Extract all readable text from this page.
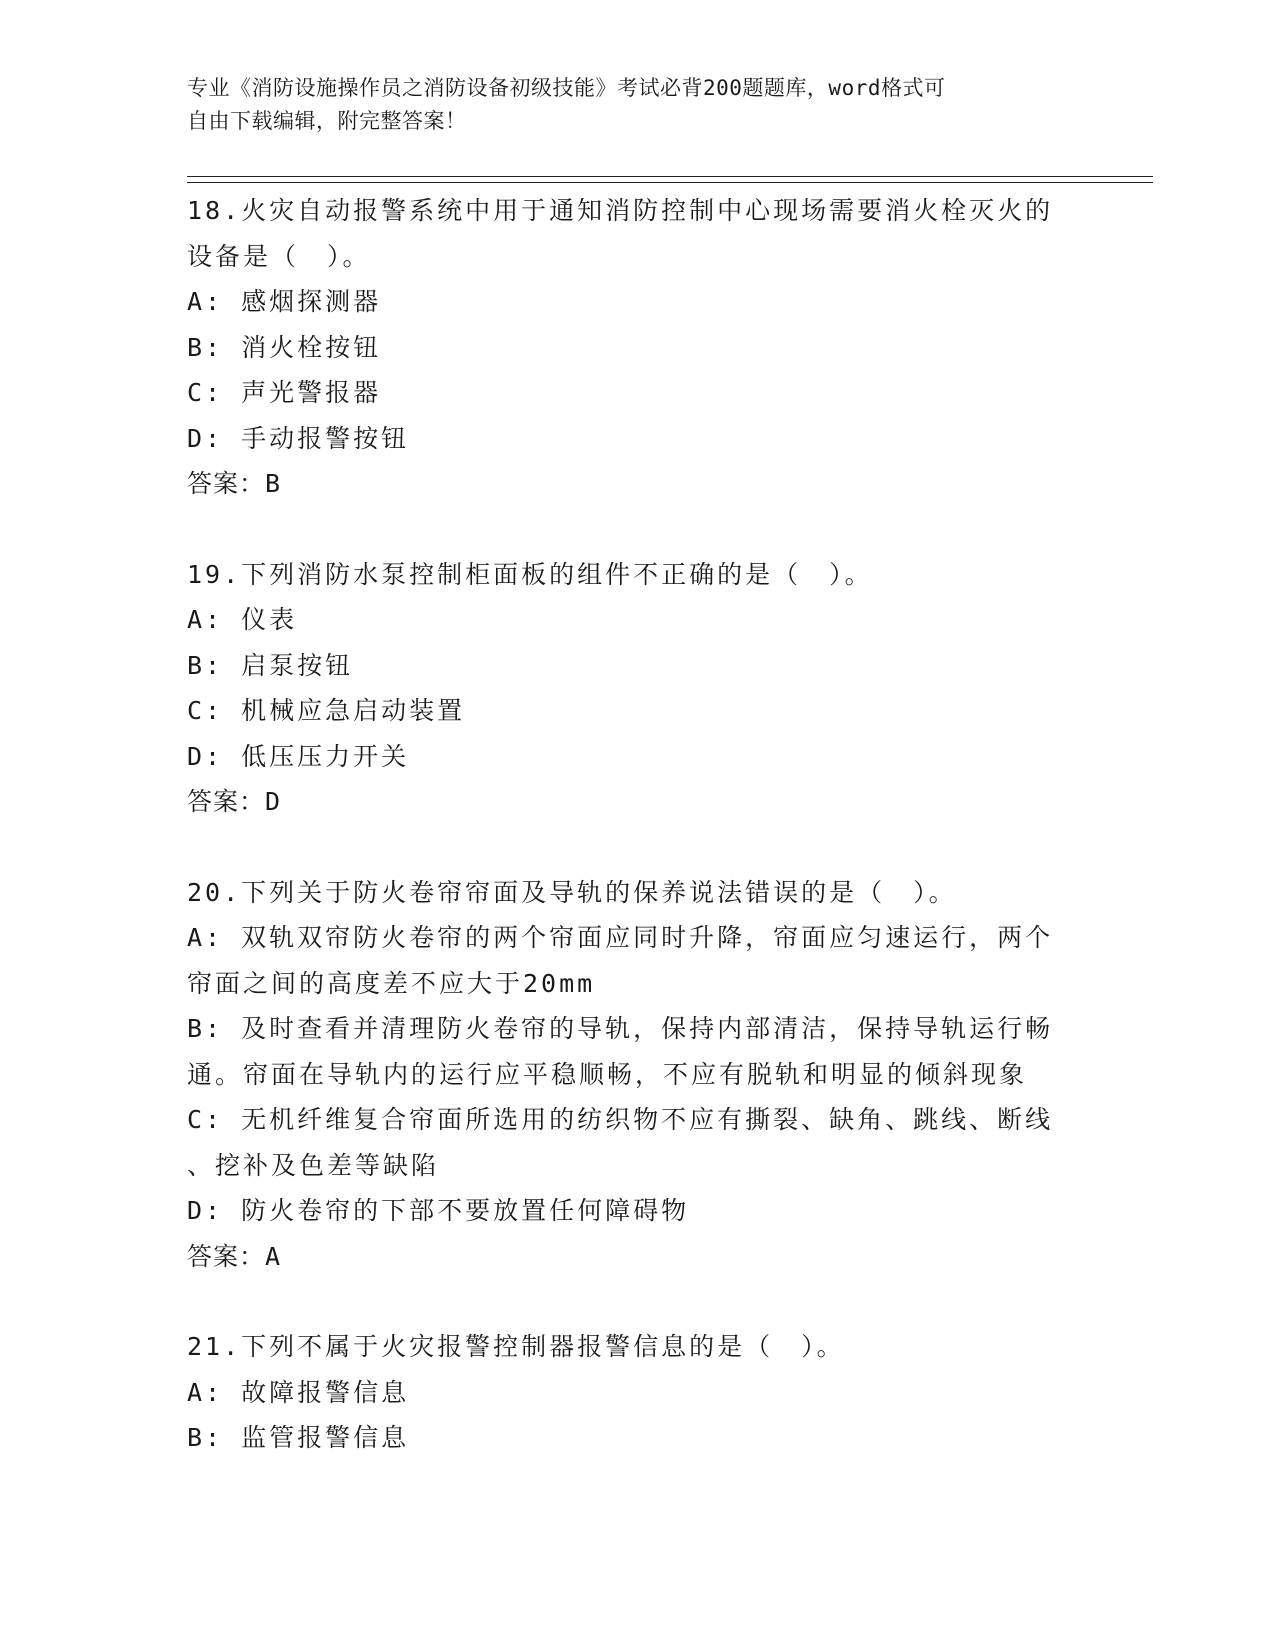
专业《消防设施操作员之消防设备初级技能》考试必背200题题库，word格式可
自由下载编辑，附完整答案！
18.火灾自动报警系统中用于通知消防控制中心现场需要消火栓灭火的
设备是（　）。
A: 感烟探测器
B: 消火栓按钮
C: 声光警报器
D: 手动报警按钮
答案：B
19.下列消防水泵控制柜面板的组件不正确的是（　）。
A: 仪表
B: 启泵按钮
C: 机械应急启动装置
D: 低压压力开关
答案：D
20.下列关于防火卷帘帘面及导轨的保养说法错误的是（　）。
A: 双轨双帘防火卷帘的两个帘面应同时升降，帘面应匀速运行，两个
帘面之间的高度差不应大于20mm
B: 及时查看并清理防火卷帘的导轨，保持内部清洁，保持导轨运行畅
通。帘面在导轨内的运行应平稳顺畅，不应有脱轨和明显的倾斜现象
C: 无机纤维复合帘面所选用的纺织物不应有撕裂、缺角、跳线、断线
、挖补及色差等缺陷
D: 防火卷帘的下部不要放置任何障碍物
答案：A
21.下列不属于火灾报警控制器报警信息的是（　）。
A: 故障报警信息
B: 监管报警信息
